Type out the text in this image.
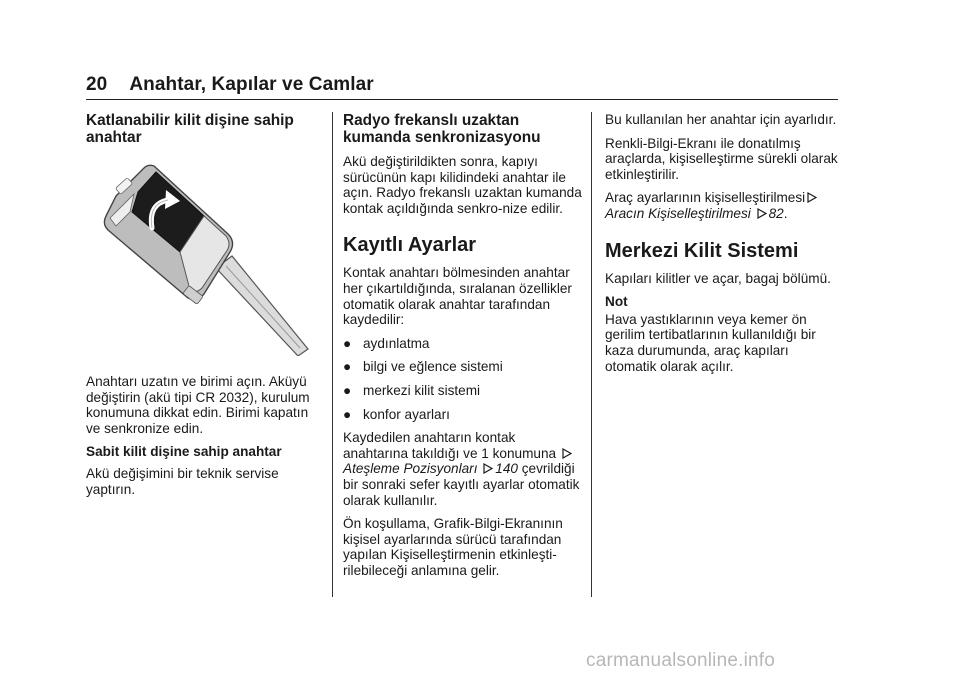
20 Anahtar, Kapılar ve Camlar
Katlanabilir kilit dişine sahip anahtar

Anahtarı uzatın ve birimi açın. Aküyü değiştirin (akü tipi CR 2032), kurulum konumuna dikkat edin. Birimi kapatın ve senkronize edin.

Sabit kilit dişine sahip anahtar

Akü değişimini bir teknik servise yaptırın.

Radyo frekanslı uzaktan kumanda senkronizasyonu

Akü değiştirildikten sonra, kapıyı sürücünün kapı kilidindeki anahtar ile açın. Radyo frekanslı uzaktan kumanda kontak açıldığında senkro-nize edilir.

Kayıtlı Ayarlar

Kontak anahtarı bölmesinden anahtar her çıkartıldığında, sıralanan özellikler otomatik olarak anahtar tarafından kaydedilir:

● aydınlatma
● bilgi ve eğlence sistemi
● merkezi kilit sistemi
● konfor ayarları

Kaydedilen anahtarın kontak anahtarına takıldığı ve 1 konumuna
Ateşleme Pozisyonları 140 çevrildiği bir sonraki sefer kayıtlı ayarlar otomatik olarak kullanılır.

Ön koşullama, Grafik-Bilgi-Ekranının kişisel ayarlarında sürücü tarafından yapılan Kişiselleştirmenin etkinleşti-rilebileceği anlamına gelir.

Bu kullanılan her anahtar için ayarlıdır.

Renkli-Bilgi-Ekranı ile donatılmış araçlarda, kişiselleştirme sürekli olarak etkinleştirilir.

Araç ayarlarının kişiselleştirilmesi

Aracın Kişiselleştirilmesi 82.

Merkezi Kilit Sistemi

Kapıları kilitler ve açar, bagaj bölümü.

Not

Hava yastıklarının veya kemer ön gerilim tertibatlarının kullanıldığı bir kaza durumunda, araç kapıları otomatik olarak açılır.

carmanualsonline.info
